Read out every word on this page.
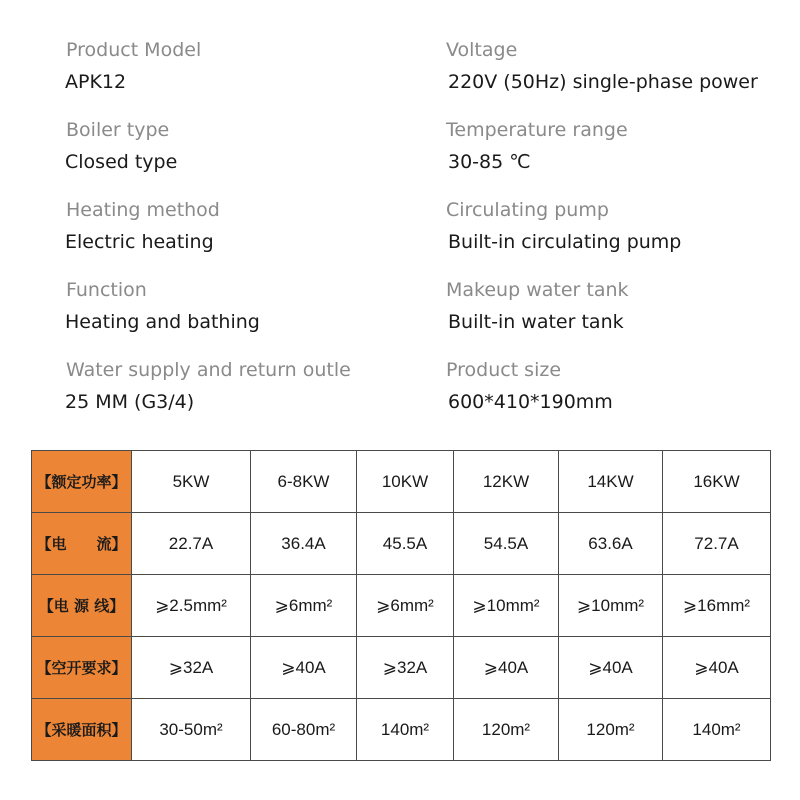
Product Model
APK12
Boiler type
Closed type
Heating method
Electric heating
Function
Heating and bathing
Water supply and return outle
25 MM (G3/4)
Voltage
220V (50Hz) single-phase power
Temperature range
30-85 ℃
Circulating pump
Built-in circulating pump
Makeup water tank
Built-in water tank
Product size
600*410*190mm
【额定功率】	5KW	6-8KW	10KW	12KW	14KW	16KW
【电　　流】	22.7A	36.4A	45.5A	54.5A	63.6A	72.7A
【电 源 线】	⩾2.5mm²	⩾6mm²	⩾6mm²	⩾10mm²	⩾10mm²	⩾16mm²
【空开要求】	⩾32A	⩾40A	⩾32A	⩾40A	⩾40A	⩾40A
【采暖面积】	30-50m²	60-80m²	140m²	120m²	120m²	140m²
